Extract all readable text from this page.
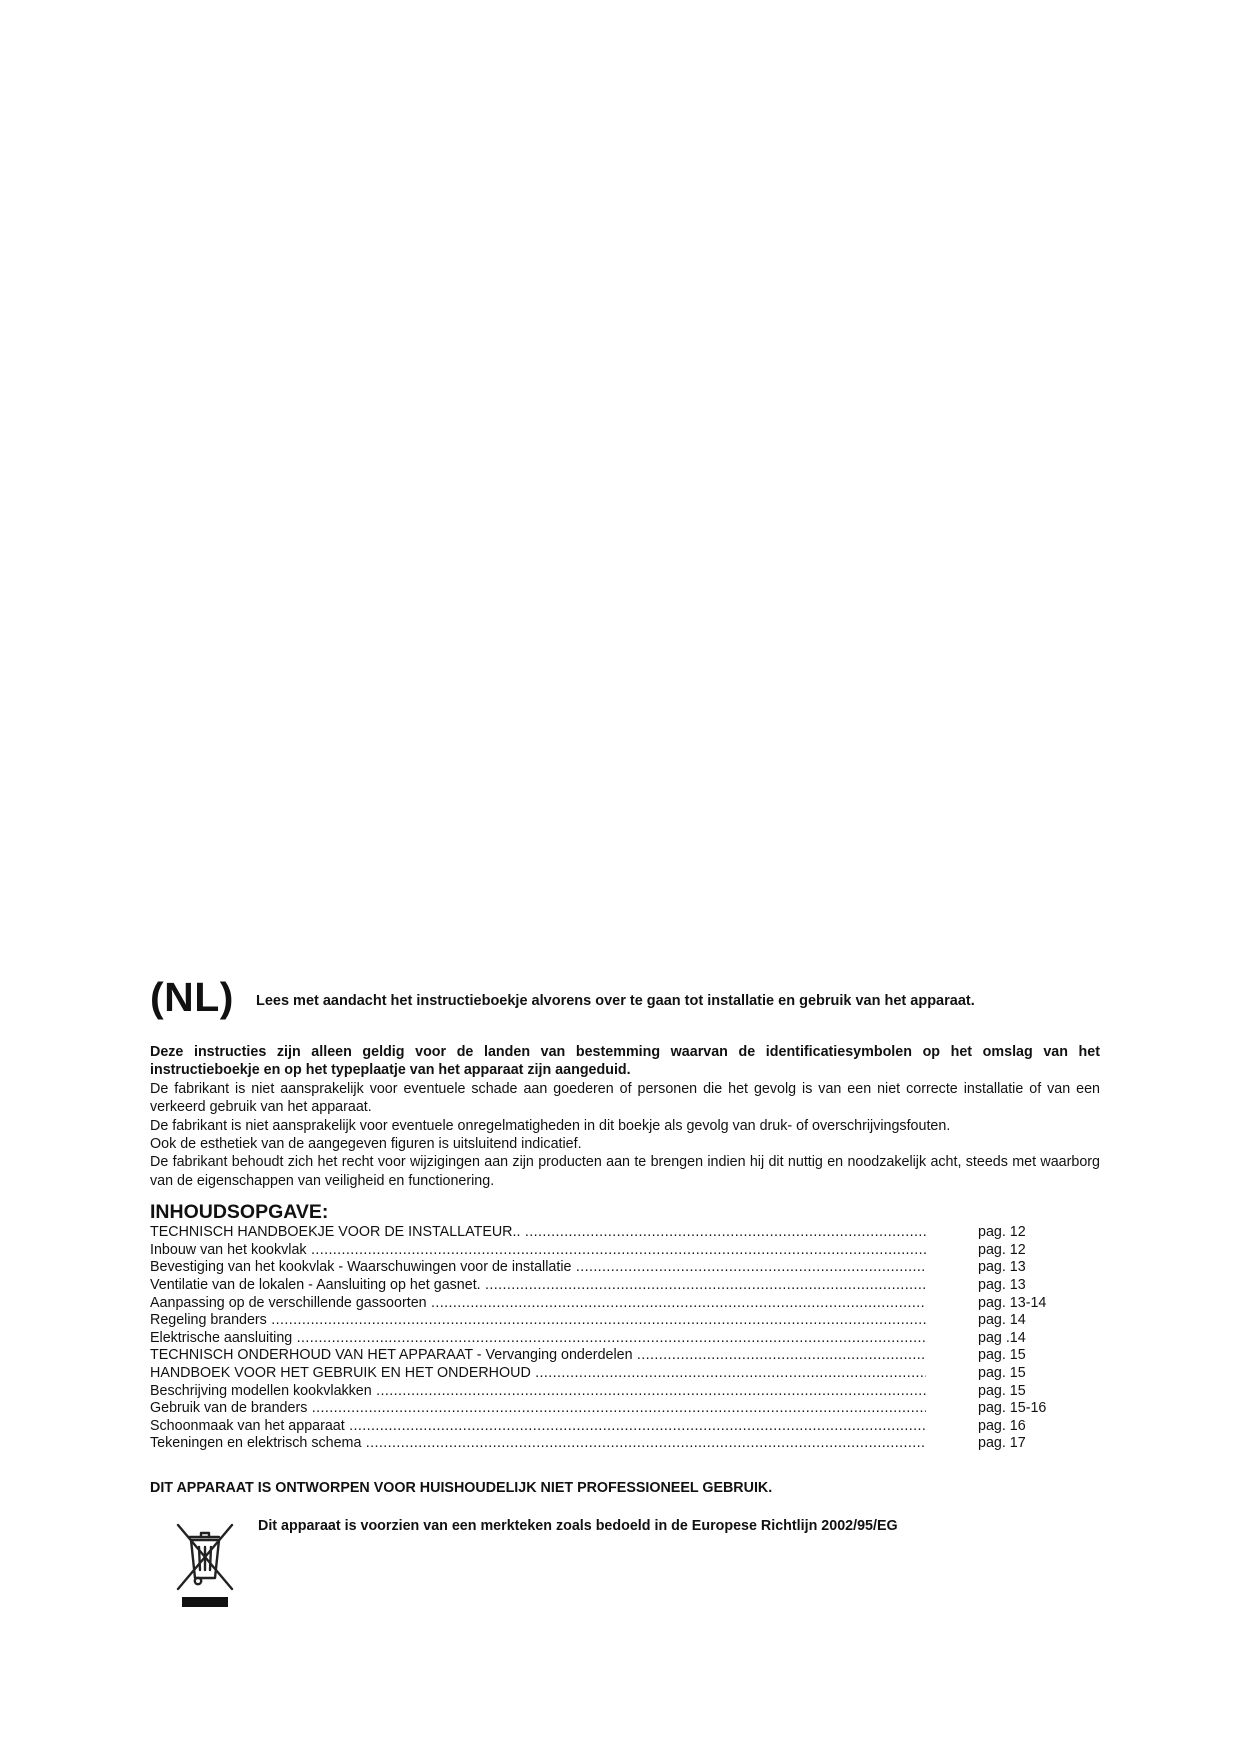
(NL) Lees met aandacht het instructieboekje alvorens over te gaan tot installatie en gebruik van het apparaat.

Deze instructies zijn alleen geldig voor de landen van bestemming waarvan de identificatiesymbolen op het omslag van het instructieboekje en op het typeplaatje van het apparaat zijn aangeduid.

De fabrikant is niet aansprakelijk voor eventuele schade aan goederen of personen die het gevolg is van een niet correcte installatie of van een verkeerd gebruik van het apparaat.

De fabrikant is niet aansprakelijk voor eventuele onregelmatigheden in dit boekje als gevolg van druk- of overschrijvingsfouten.

Ook de esthetiek van de aangegeven figuren is uitsluitend indicatief.

De fabrikant behoudt zich het recht voor wijzigingen aan zijn producten aan te brengen indien hij dit nuttig en noodzakelijk acht, steeds met waarborg van de eigenschappen van veiligheid en functionering.

INHOUDSOPGAVE:
TECHNISCH HANDBOEKJE VOOR DE INSTALLATEUR.. .....	pag. 12
Inbouw van het kookvlak .....	pag. 12
Bevestiging van het kookvlak - Waarschuwingen voor de installatie .....	pag. 13
Ventilatie van de lokalen - Aansluiting op het gasnet. .....	pag. 13
Aanpassing op de verschillende gassoorten .....	pag. 13-14
Regeling branders .....	pag. 14
Elektrische aansluiting .....	pag .14
TECHNISCH ONDERHOUD VAN HET APPARAAT - Vervanging onderdelen .....	pag. 15
HANDBOEK VOOR HET GEBRUIK EN HET ONDERHOUD .....	pag. 15
Beschrijving modellen kookvlakken .....	pag. 15
Gebruik van de branders .....	pag. 15-16
Schoonmaak van het apparaat .....	pag. 16
Tekeningen en elektrisch schema .....	pag. 17
DIT APPARAAT IS ONTWORPEN VOOR HUISHOUDELIJK NIET PROFESSIONEEL GEBRUIK.
Dit apparaat is voorzien van een merkteken zoals bedoeld in de Europese Richtlijn 2002/95/EG
